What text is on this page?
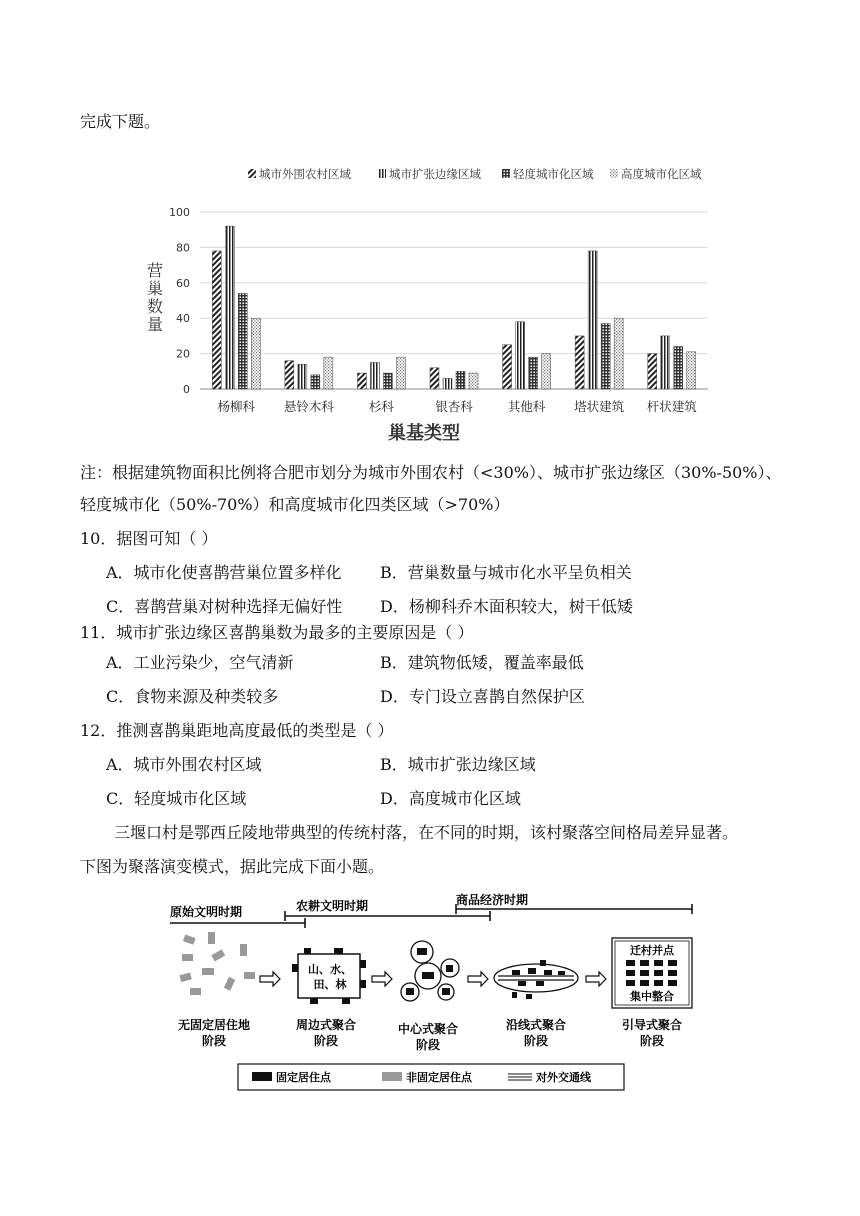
完成下题。
城市外围农村区域	城市扩张边缘区域	轻度城市化区域 高度城市化区域
0
20
40
60
80
100
杨柳科 悬铃木科	杉科	银杏科	其他科 塔状建筑 杆状建筑
营巢数量
巢基类型
注：根据建筑物面积比例将合肥市划分为城市外围农村（<30%）、城市扩张边缘区（30%-50%）、
轻度城市化（50%-70%）和高度城市化四类区域（>70%）
10．据图可知（ ）
A．城市化使喜鹊营巢位置多样化 B．营巢数量与城市化水平呈负相关
C．喜鹊营巢对树种选择无偏好性 D．杨柳科乔木面积较大，树干低矮
11．城市扩张边缘区喜鹊巢数为最多的主要原因是（ ）
A．工业污染少，空气清新	B．建筑物低矮，覆盖率最低
C．食物来源及种类较多	D．专门设立喜鹊自然保护区
12．推测喜鹊巢距地高度最低的类型是（ ）
A．城市外围农村区域	B．城市扩张边缘区域
C．轻度城市化区域	D．高度城市化区域
三堰口村是鄂西丘陵地带典型的传统村落，在不同的时期，该村聚落空间格局差异显著。
下图为聚落演变模式，据此完成下面小题。
原始文明时期	农耕文明时期	商品经济时期
山、水、
田、林
迁村并点
集中整合
无固定居住地
阶段
周边式聚合
阶段
中心式聚合
阶段
沿线式聚合
阶段
引导式聚合
阶段
固定居住点	非固定居住点	对外交通线
